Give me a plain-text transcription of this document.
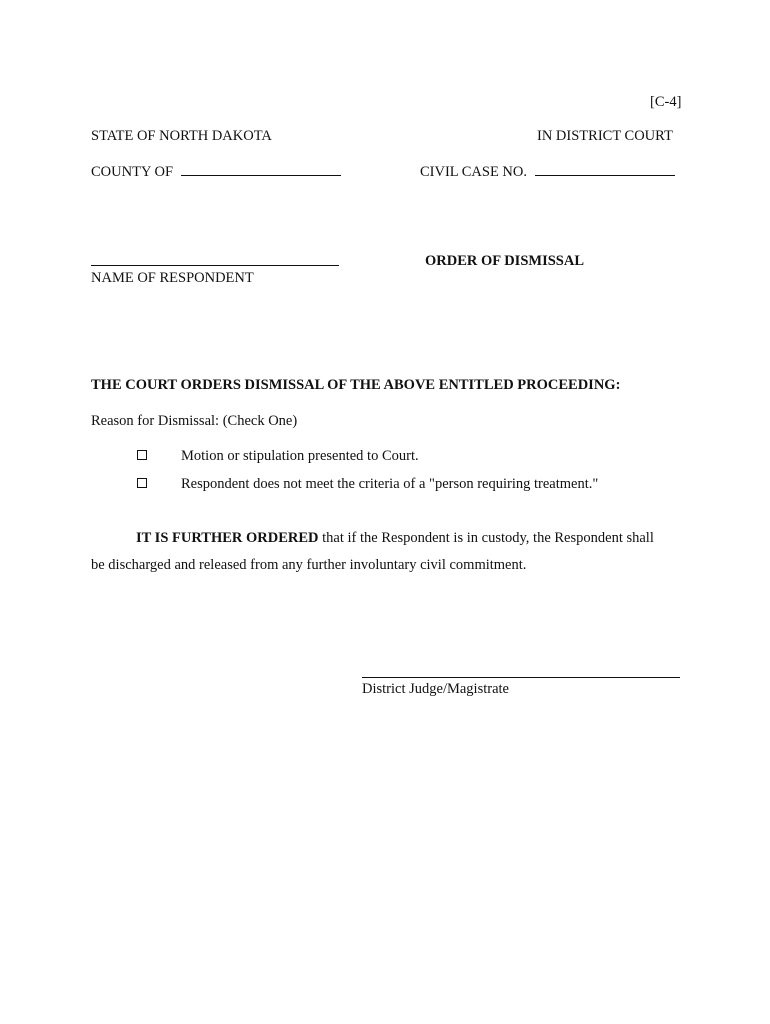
[C-4]
STATE OF NORTH DAKOTA	IN DISTRICT COURT
COUNTY OF	CIVIL CASE NO.
NAME OF RESPONDENT
ORDER OF DISMISSAL
THE COURT ORDERS DISMISSAL OF THE ABOVE ENTITLED PROCEEDING:
Reason for Dismissal: (Check One)
Motion or stipulation presented to Court.
Respondent does not meet the criteria of a "person requiring treatment."
IT IS FURTHER ORDERED that if the Respondent is in custody, the Respondent shall
be discharged and released from any further involuntary civil commitment.
District Judge/Magistrate
